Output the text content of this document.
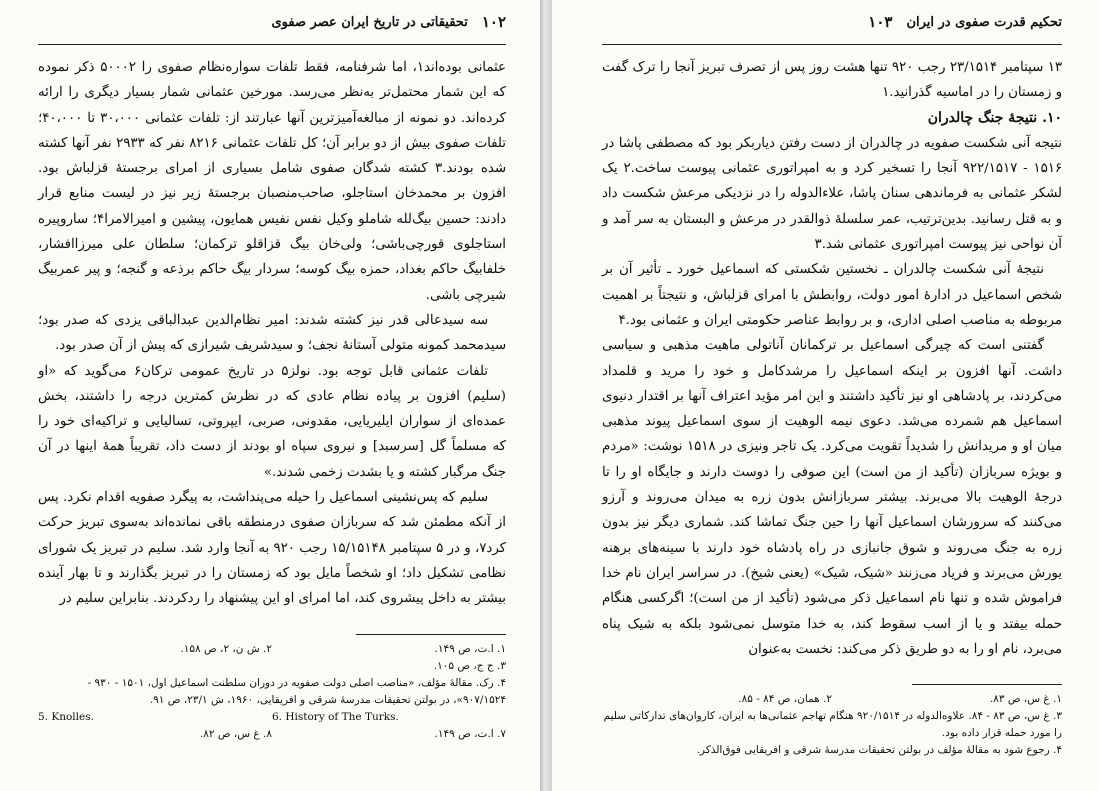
۱۰۲
تحقیقاتی در تاریخ ایران عصر صفوی

عثمانی بوده‌اند۱، اما شرفنامه، فقط تلفات سواره‌نظام صفوی را ۵۰۰۰۲ ذکر نموده که این شمار محتمل‌تر به‌نظر می‌رسد. مورخین عثمانی شمار بسیار دیگری را ارائه کرده‌اند. دو نمونه از مبالغه‌آمیزترین آنها عبارتند از: تلفات عثمانی ۳۰،۰۰۰ تا ۴۰،۰۰۰؛ تلفات صفوی بیش از دو برابر آن؛ کل تلفات عثمانی ۸۲۱۶ نفر که ۲۹۳۳ نفر آنها کشته شده بودند.۳ کشته شدگان صفوی شامل بسیاری از امرای برجستهٔ قزلباش بود. افزون بر محمدخان استاجلو، صاحب‌منصبان برجستهٔ زیر نیز در لیست منابع قرار دادند: حسین بیگ‌لله شاملو وکیل نفس نفیس همایون، پیشین و امیرالامرا۴؛ ساروپیره استاجلوی قورچی‌باشی؛ ولی‌خان بیگ قزاقلو ترکمان؛ سلطان علی میرزاافشار، خلفابیگ حاکم بغداد، حمزه بیگ کوسه؛ سردار بیگ حاکم برذعه و گنجه؛ و پیر عمربیگ شیرچی باشی.

سه سیدعالی قدر نیز کشته شدند: امیر نظام‌الدین عبدالباقی یزدی که صدر بود؛ سیدمحمد کمونه متولی آستانهٔ نجف؛ و سیدشریف شیرازی که پیش از آن صدر بود.

تلفات عثمانی قابل توجه بود. نولز۵ در تاریخ عمومی ترکان۶ می‌گوید که «او (سلیم) افزون بر پیاده نظام عادی که در نظرش کمترین درجه را داشتند، بخش عمده‌ای از سواران ایلیریایی، مقدونی، صربی، ایپروتی، تسالیایی و تراکیه‌ای خود را که مسلماً گل [سرسبد] و نیروی سپاه او بودند از دست داد، تقریباً همهٔ اینها در آن جنگ مرگبار کشته و یا بشدت زخمی شدند.»

سلیم که پس‌نشینی اسماعیل را حیله می‌پنداشت، به پیگرد صفویه اقدام نکرد. پس از آنکه مطمئن شد که سربازان صفوی درمنطقه باقی نمانده‌اند به‌سوی تبریز حرکت کرد۷، و در ۵ سپتامبر ۱۵/۱۵۱۴۸ رجب ۹۲۰ به آنجا وارد شد. سلیم در تبریز یک شورای نظامی تشکیل داد؛ او شخصاً مایل بود که زمستان را در تبریز بگذارند و تا بهار آینده بیشتر به داخل پیشروی کند، اما امرای او این پیشنهاد را ردکردند. بنابراین سلیم در

۱. ا.ت، ص ۱۴۹.
۲. ش ن، ۲، ص ۱۵۸.
۳. ج ج، ص ۱۰۵.
۴. رک. مقالهٔ مؤلف، «مناصب اصلی دولت صفویه در دوران سلطنت اسماعیل اول، ۱۵۰۱ - ۹۳۰ - ۹۰۷/۱۵۲۴»، در بولتن تحقیقات مدرسهٔ شرقی و افریقایی، ۱۹۶۰، ش ۲۳/۱، ص ۹۱.
5. Knolles.	6. History of The Turks.
۷. ا.ت، ص ۱۴۹.
۸. غ س، ص ۸۲.
۱۰۳ تحکیم قدرت صفوی در ایران

۱۳ سپتامبر ۲۳/۱۵۱۴ رجب ۹۲۰ تنها هشت روز پس از تصرف تبریز آنجا را ترک گفت و زمستان را در اماسیه گذرانید.۱

۱۰. نتیجهٔ جنگ چالدران

نتیجه آنی شکست صفویه در چالدران از دست رفتن دیاربکر بود که مصطفی پاشا در ۱۵۱۶ - ۹۲۲/۱۵۱۷ آنجا را تسخیر کرد و به امپراتوری عثمانی پیوست ساخت.۲ یک لشکر عثمانی به فرماندهی سنان پاشا، علاءالدوله را در نزدیکی مرعش شکست داد و به قتل رسانید. بدین‌ترتیب، عمر سلسلهٔ ذوالقدر در مرعش و البستان به سر آمد و آن نواحی نیز پیوست امپراتوری عثمانی شد.۳

نتیجهٔ آنی شکست چالدران ـ نخستین شکستی که اسماعیل خورد ـ تأثیر آن بر شخص اسماعیل در ادارهٔ امور دولت، روابطش با امرای قزلباش، و نتیجتاً بر اهمیت مربوطه به مناصب اصلی اداری، و بر روابط عناصر حکومتی ایران و عثمانی بود.۴

گفتنی است که چیرگی اسماعیل بر ترکمانان آناتولی ماهیت مذهبی و سیاسی داشت. آنها افزون بر اینکه اسماعیل را مرشدکامل و خود را مرید و قلمداد می‌کردند، بر پادشاهی او نیز تأکید داشتند و این امر مؤید اعتراف آنها بر اقتدار دنیوی اسماعیل هم شمرده می‌شد. دعوی نیمه الوهیت از سوی اسماعیل پیوند مذهبی میان او و مریدانش را شدیداً تقویت می‌کرد. یک تاجر ونیزی در ۱۵۱۸ نوشت: «مردم و بویژه سربازان (تأکید از من است) این صوفی را دوست دارند و جایگاه او را تا درجهٔ الوهیت بالا می‌برند. بیشتر سربازانش بدون زره به میدان می‌روند و آرزو می‌کنند که سرورشان اسماعیل آنها را حین جنگ تماشا کند. شماری دیگر نیز بدون زره به جنگ می‌روند و شوق جانبازی در راه پادشاه خود دارند با سینه‌های برهنه یورش می‌برند و فریاد می‌زنند «شیک، شیک» (یعنی شیخ). در سراسر ایران نام خدا فراموش شده و تنها نام اسماعیل ذکر می‌شود (تأکید از من است)؛ اگرکسی هنگام حمله بیفتد و یا از اسب سقوط کند، به خدا متوسل نمی‌شود بلکه به شیک پناه می‌برد، نام او را به دو طریق ذکر می‌کند: نخست به‌عنوان

۱. غ س، ص ۸۳.
۲. همان، ص ۸۴ - ۸۵.
۳. غ س، ص ۸۳ - ۸۴. علاوه‌الدوله در ۹۲۰/۱۵۱۴ هنگام تهاجم عثمانی‌ها به ایران، کاروان‌های تدارکاتی سلیم را مورد حمله قرار داده بود.
۴. رجوع شود به مقالهٔ مؤلف در بولتن تحقیقات مدرسهٔ شرقی و افریقایی فوق‌الذکر.
